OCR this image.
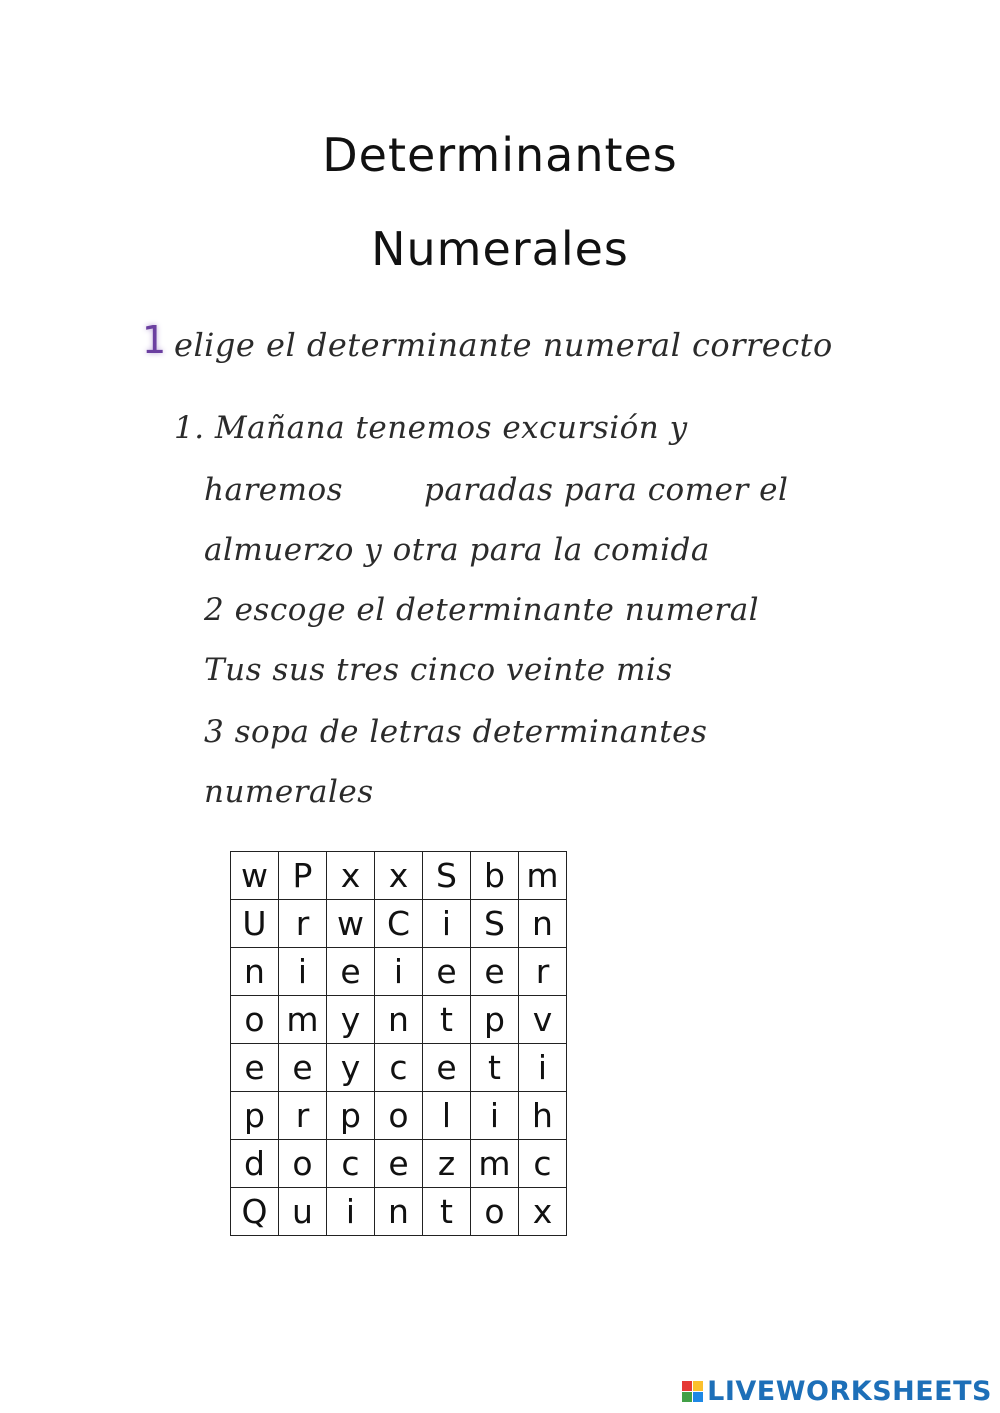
Determinantes
Numerales
1 elige el determinante numeral correcto
1. Mañana tenemos excursión y
haremos	paradas para comer el
almuerzo y otra para la comida
2 escoge el determinante numeral
Tus sus tres cinco veinte mis
3 sopa de letras determinantes
numerales
w	P	x	x	S	b	m
U	r	w	C	i	S	n
n	i	e	i	e	e	r
o	m	y	n	t	p	v
e	e	y	c	e	t	i
p	r	p	o	l	i	h
d	o	c	e	z	m	c
Q	u	i	n	t	o	x
LIVEWORKSHEETS
